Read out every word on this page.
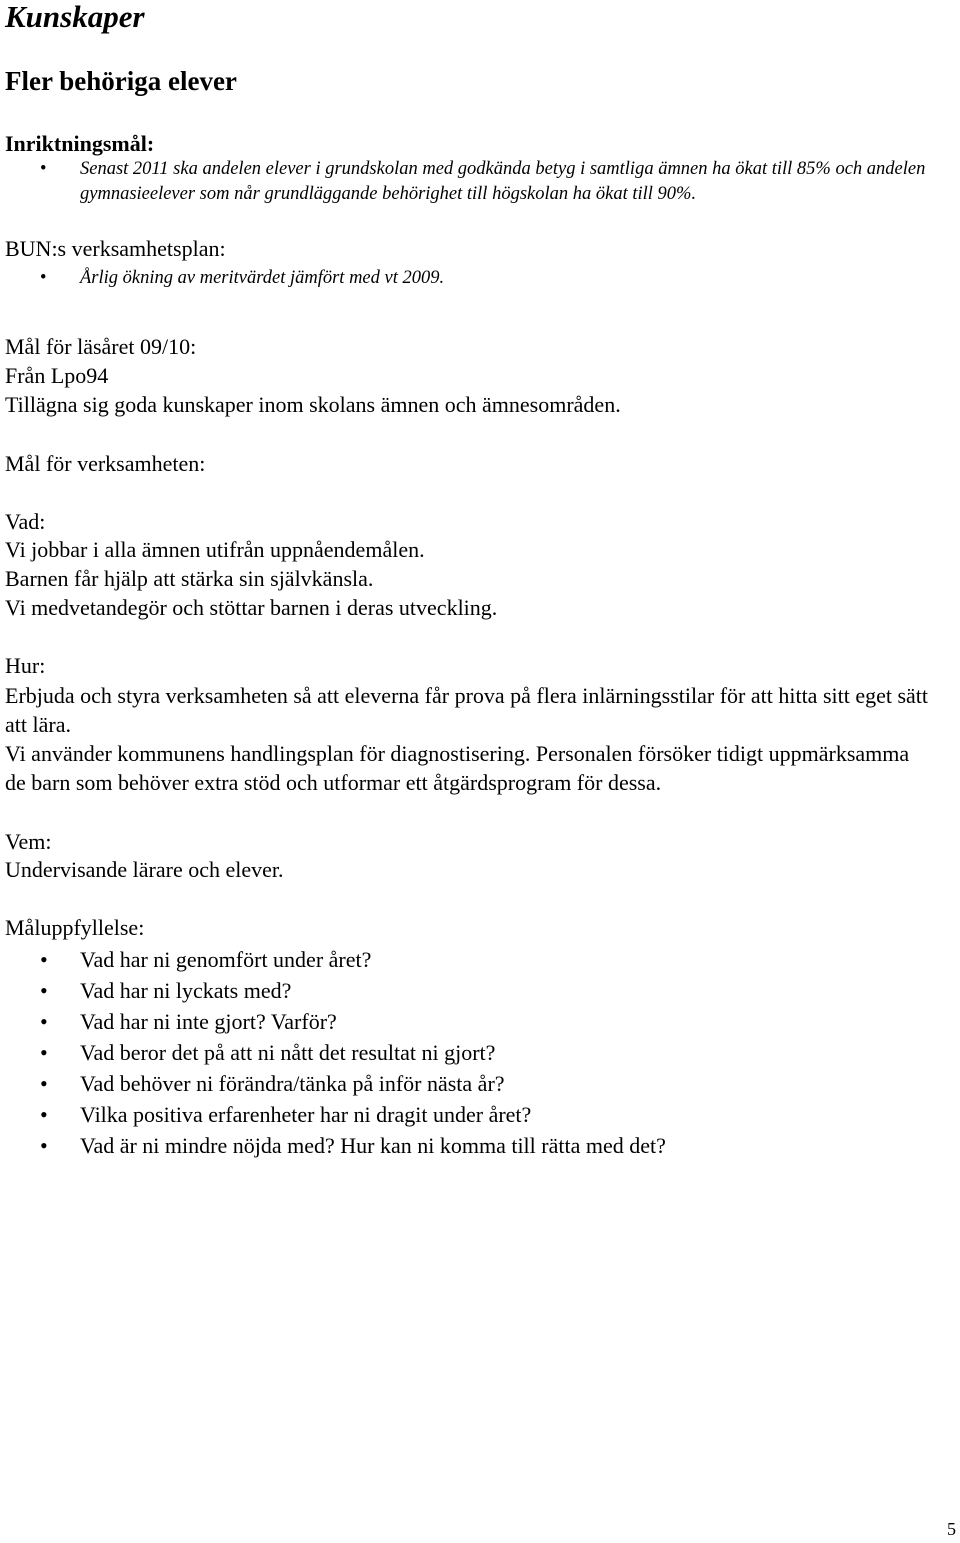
Kunskaper
Fler behöriga elever
Inriktningsmål:
• Senast 2011 ska andelen elever i grundskolan med godkända betyg i samtliga ämnen ha ökat till 85% och andelen gymnasieelever som når grundläggande behörighet till högskolan ha ökat till 90%.
BUN:s verksamhetsplan:
• Årlig ökning av meritvärdet jämfört med vt 2009.
Mål för läsåret 09/10:

Från Lpo94

Tillägna sig goda kunskaper inom skolans ämnen och ämnesområden.

Mål för verksamheten:
Vad:

Vi jobbar i alla ämnen utifrån uppnåendemålen.

Barnen får hjälp att stärka sin självkänsla.

Vi medvetandegör och stöttar barnen i deras utveckling.

Hur:

Erbjuda och styra verksamheten så att eleverna får prova på flera inlärningsstilar för att hitta sitt eget sätt att lära.

Vi använder kommunens handlingsplan för diagnostisering. Personalen försöker tidigt uppmärksamma de barn som behöver extra stöd och utformar ett åtgärdsprogram för dessa.

Vem:

Undervisande lärare och elever.

Måluppfyllelse:
• Vad har ni genomfört under året?
• Vad har ni lyckats med?
• Vad har ni inte gjort? Varför?
• Vad beror det på att ni nått det resultat ni gjort?
• Vad behöver ni förändra/tänka på inför nästa år?
• Vilka positiva erfarenheter har ni dragit under året?
• Vad är ni mindre nöjda med? Hur kan ni komma till rätta med det?

5
